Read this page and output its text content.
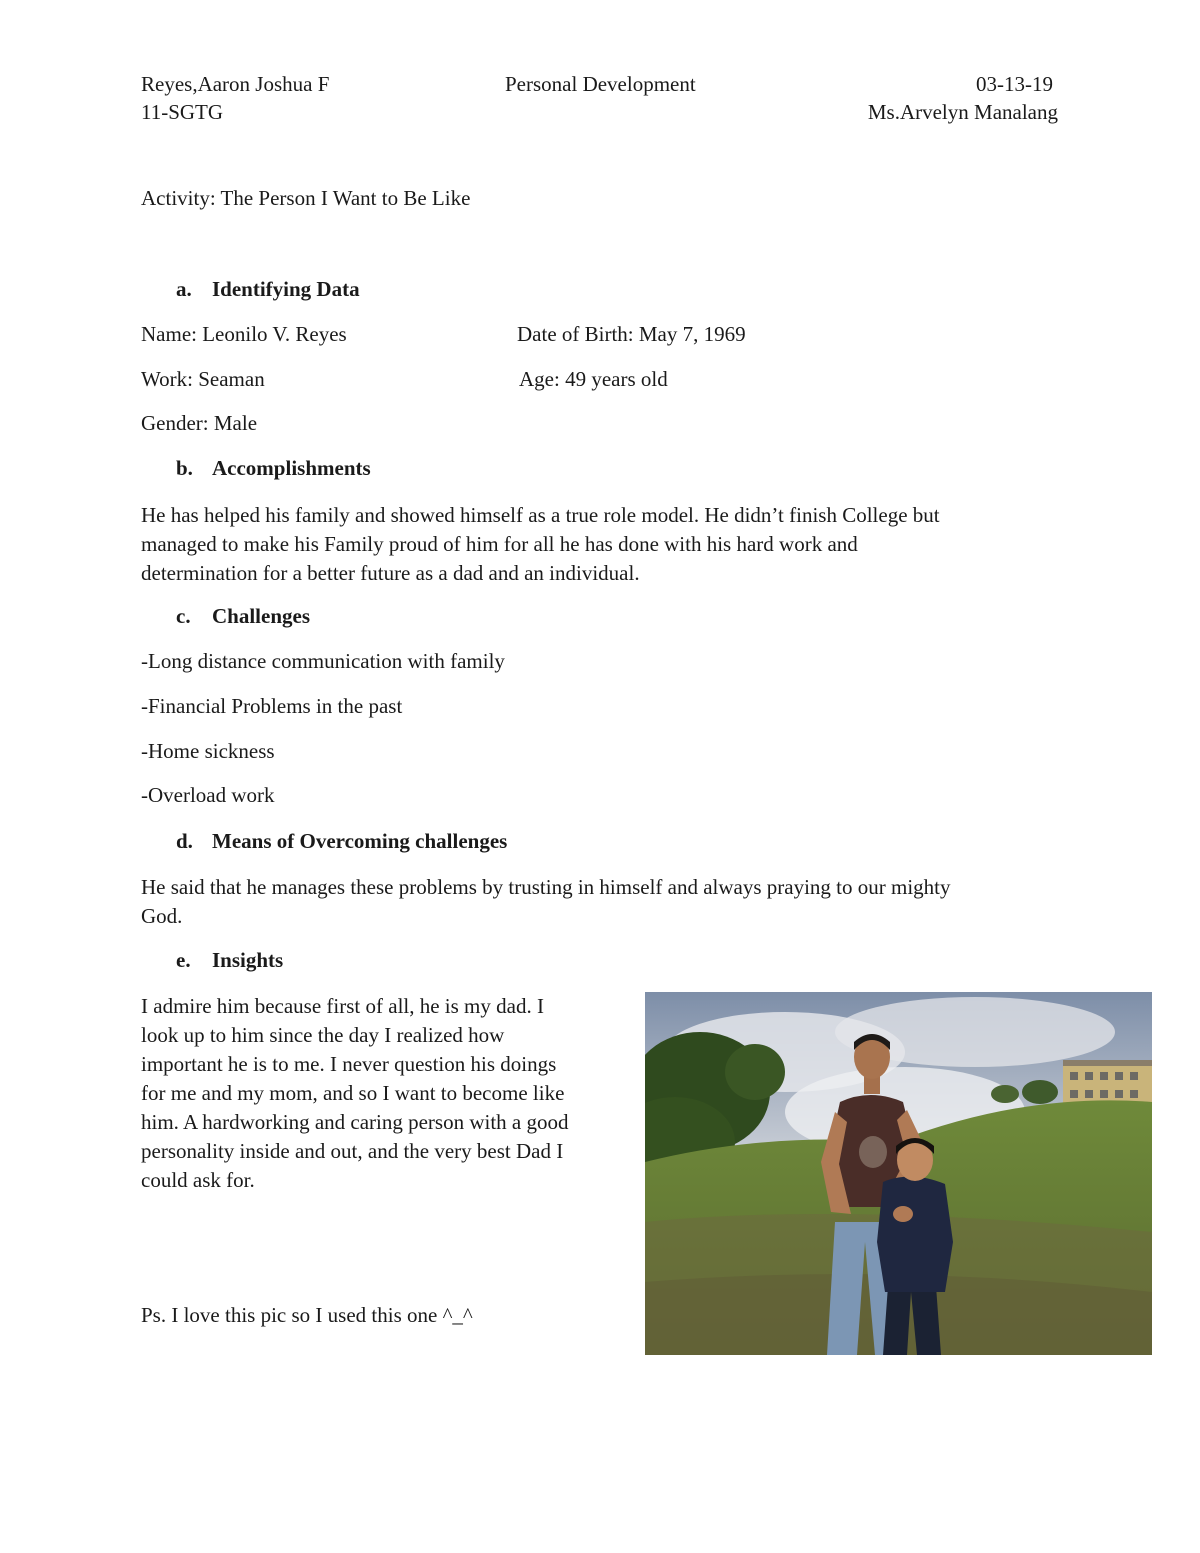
Reyes,Aaron Joshua F
11-SGTG
Personal Development	03-13-19
Ms.Arvelyn Manalang
Activity: The Person I Want to Be Like
a. Identifying Data
Name: Leonilo V. Reyes	Date of Birth: May 7, 1969
Work: Seaman	Age: 49 years old
Gender: Male
b. Accomplishments
He has helped his family and showed himself as a true role model. He didn’t finish College but
managed to make his Family proud of him for all he has done with his hard work and
determination for a better future as a dad and an individual.
c. Challenges
-Long distance communication with family
-Financial Problems in the past
-Home sickness
-Overload work
d. Means of Overcoming challenges
He said that he manages these problems by trusting in himself and always praying to our mighty
God.
e. Insights
I admire him because first of all, he is my dad. I
look up to him since the day I realized how
important he is to me. I never question his doings
for me and my mom, and so I want to become like
him. A hardworking and caring person with a good
personality inside and out, and the very best Dad I
could ask for.
Ps. I love this pic so I used this one ^_^
